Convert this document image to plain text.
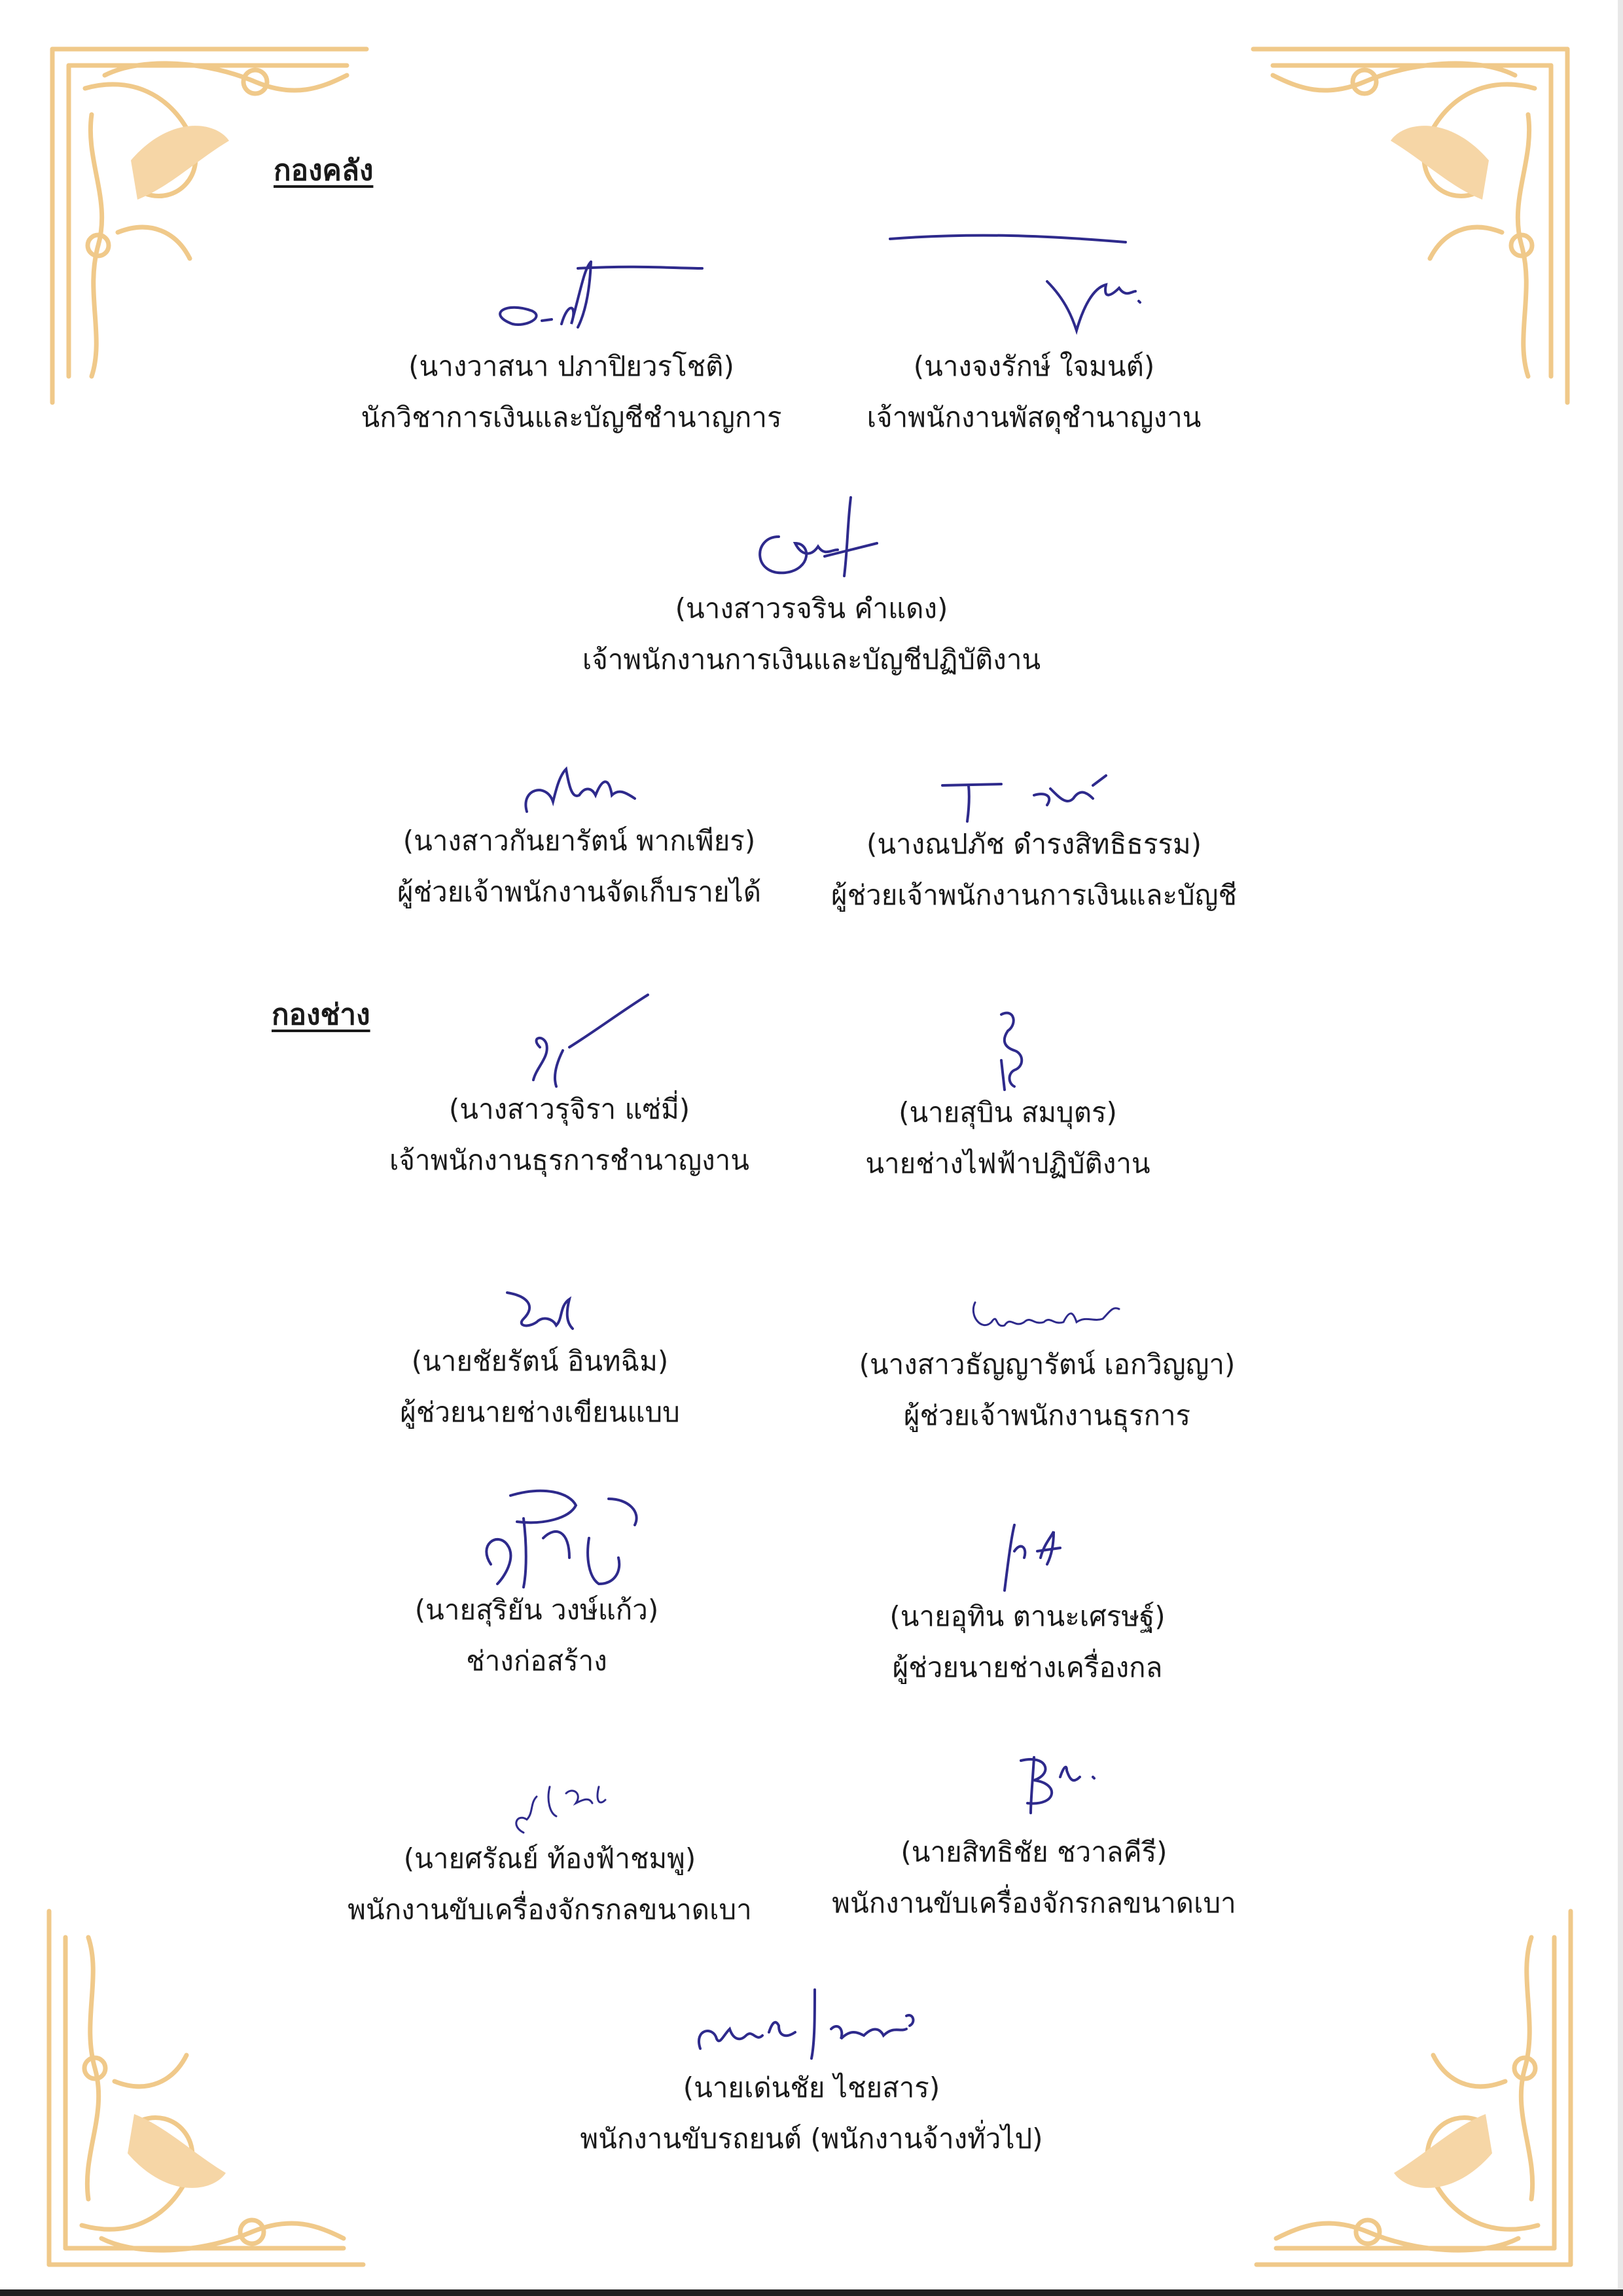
กองคลัง
กองช่าง
(นางวาสนา ปภาปิยวรโชติ)
นักวิชาการเงินและบัญชีชำนาญการ
(นางจงรักษ์ ใจมนต์)
เจ้าพนักงานพัสดุชำนาญงาน
(นางสาวรจริน คำแดง)
เจ้าพนักงานการเงินและบัญชีปฏิบัติงาน
(นางสาวกันยารัตน์ พากเพียร)
ผู้ช่วยเจ้าพนักงานจัดเก็บรายได้
(นางณปภัช ดำรงสิทธิธรรม)
ผู้ช่วยเจ้าพนักงานการเงินและบัญชี
(นางสาวรุจิรา แซ่มี่)
เจ้าพนักงานธุรการชำนาญงาน
(นายสุบิน สมบุตร)
นายช่างไฟฟ้าปฏิบัติงาน
(นายชัยรัตน์ อินทฉิม)
ผู้ช่วยนายช่างเขียนแบบ
(นางสาวธัญญารัตน์ เอกวิญญา)
ผู้ช่วยเจ้าพนักงานธุรการ
(นายสุริยัน วงษ์แก้ว)
ช่างก่อสร้าง
(นายอุทิน ตานะเศรษฐ์)
ผู้ช่วยนายช่างเครื่องกล
(นายศรัณย์ ท้องฟ้าชมพู)
พนักงานขับเครื่องจักรกลขนาดเบา
(นายสิทธิชัย ชวาลคีรี)
พนักงานขับเครื่องจักรกลขนาดเบา
(นายเด่นชัย ไชยสาร)
พนักงานขับรถยนต์ (พนักงานจ้างทั่วไป)
